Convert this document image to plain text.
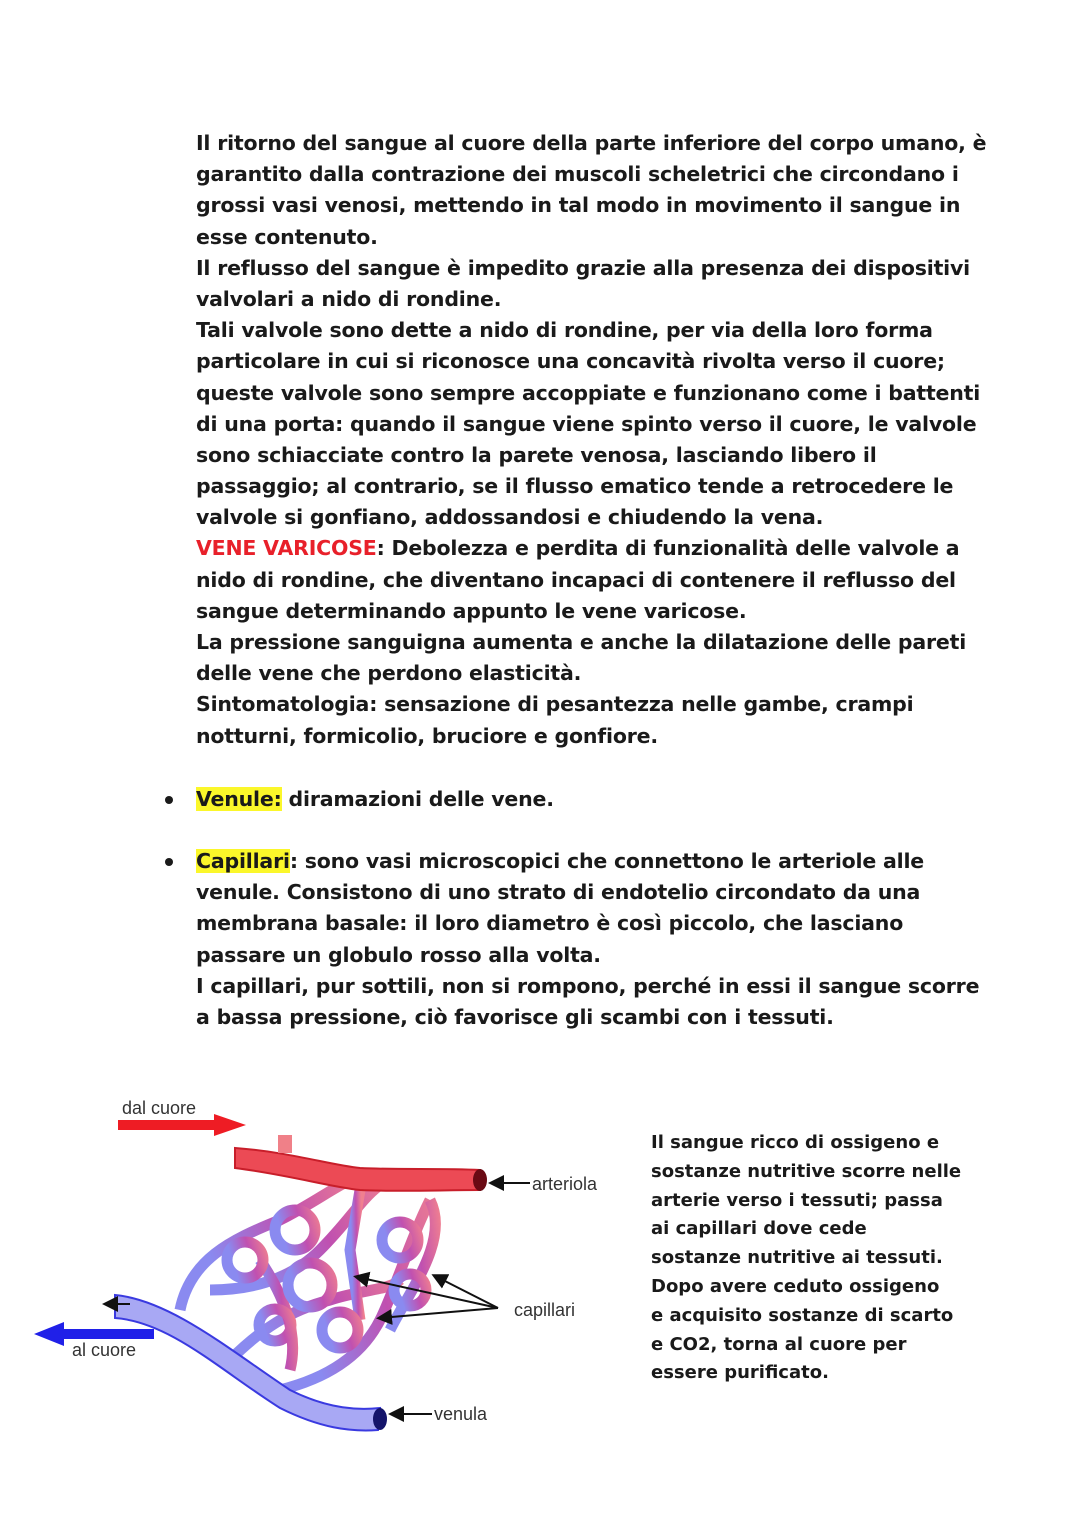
Il ritorno del sangue al cuore della parte inferiore del corpo umano, è
garantito dalla contrazione dei muscoli scheletrici che circondano i
grossi vasi venosi, mettendo in tal modo in movimento il sangue in
esse contenuto.
Il reflusso del sangue è impedito grazie alla presenza dei dispositivi
valvolari a nido di rondine.
Tali valvole sono dette a nido di rondine, per via della loro forma
particolare in cui si riconosce una concavità rivolta verso il cuore;
queste valvole sono sempre accoppiate e funzionano come i battenti
di una porta: quando il sangue viene spinto verso il cuore, le valvole
sono schiacciate contro la parete venosa, lasciando libero il
passaggio; al contrario, se il flusso ematico tende a retrocedere le
valvole si gonfiano, addossandosi e chiudendo la vena.
VENE VARICOSE: Debolezza e perdita di funzionalità delle valvole a
nido di rondine, che diventano incapaci di contenere il reflusso del
sangue determinando appunto le vene varicose.
La pressione sanguigna aumenta e anche la dilatazione delle pareti
delle vene che perdono elasticità.
Sintomatologia: sensazione di pesantezza nelle gambe, crampi
notturni, formicolio, bruciore e gonfiore.
Venule: diramazioni delle vene.
Capillari: sono vasi microscopici che connettono le arteriole alle
venule. Consistono di uno strato di endotelio circondato da una
membrana basale: il loro diametro è così piccolo, che lasciano
passare un globulo rosso alla volta.
I capillari, pur sottili, non si rompono, perché in essi il sangue scorre
a bassa pressione, ciò favorisce gli scambi con i tessuti.
dal cuore
al cuore
arteriola
capillari
venula
Il sangue ricco di ossigeno e
sostanze nutritive scorre nelle
arterie verso i tessuti; passa
ai capillari dove cede
sostanze nutritive ai tessuti.
Dopo avere ceduto ossigeno
e acquisito sostanze di scarto
e CO2, torna al cuore per
essere purificato.
